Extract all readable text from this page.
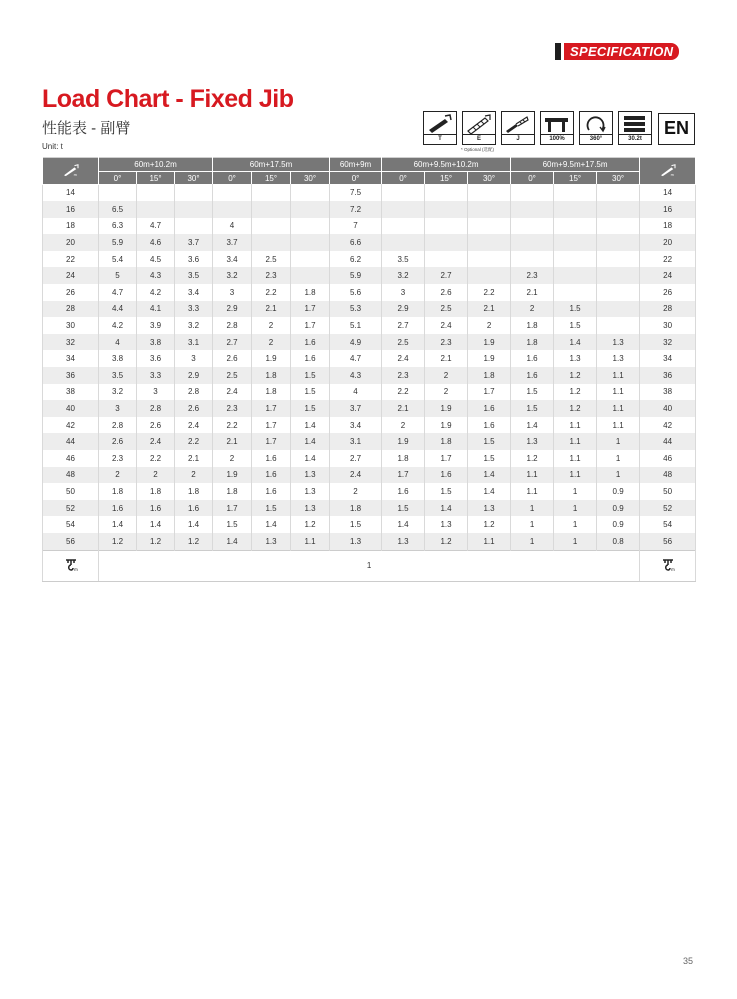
SPECIFICATION
Load Chart - Fixed Jib
性能表 - 副臂
Unit: t
T	E	J	100%	360°	30.2t
* Optional (选配)
EN
m	60m+10.2m			60m+17.5m			60m+9m	60m+9.5m+10.2m			60m+9.5m+17.5m			m

	0°	15°	30°	0°	15°	30°	0°	0°	15°	30°	0°	15°	30°	
14							7.5							14
16	6.5						7.2							16
18	6.3	4.7		4			7							18
20	5.9	4.6	3.7	3.7			6.6							20
22	5.4	4.5	3.6	3.4	2.5		6.2	3.5						22
24	5	4.3	3.5	3.2	2.3		5.9	3.2	2.7		2.3			24
26	4.7	4.2	3.4	3	2.2	1.8	5.6	3	2.6	2.2	2.1			26
28	4.4	4.1	3.3	2.9	2.1	1.7	5.3	2.9	2.5	2.1	2	1.5		28
30	4.2	3.9	3.2	2.8	2	1.7	5.1	2.7	2.4	2	1.8	1.5		30
32	4	3.8	3.1	2.7	2	1.6	4.9	2.5	2.3	1.9	1.8	1.4	1.3	32
34	3.8	3.6	3	2.6	1.9	1.6	4.7	2.4	2.1	1.9	1.6	1.3	1.3	34
36	3.5	3.3	2.9	2.5	1.8	1.5	4.3	2.3	2	1.8	1.6	1.2	1.1	36
38	3.2	3	2.8	2.4	1.8	1.5	4	2.2	2	1.7	1.5	1.2	1.1	38
40	3	2.8	2.6	2.3	1.7	1.5	3.7	2.1	1.9	1.6	1.5	1.2	1.1	40
42	2.8	2.6	2.4	2.2	1.7	1.4	3.4	2	1.9	1.6	1.4	1.1	1.1	42
44	2.6	2.4	2.2	2.1	1.7	1.4	3.1	1.9	1.8	1.5	1.3	1.1	1	44
46	2.3	2.2	2.1	2	1.6	1.4	2.7	1.8	1.7	1.5	1.2	1.1	1	46
48	2	2	2	1.9	1.6	1.3	2.4	1.7	1.6	1.4	1.1	1.1	1	48
50	1.8	1.8	1.8	1.8	1.6	1.3	2	1.6	1.5	1.4	1.1	1	0.9	50
52	1.6	1.6	1.6	1.7	1.5	1.3	1.8	1.5	1.4	1.3	1	1	0.9	52
54	1.4	1.4	1.4	1.5	1.4	1.2	1.5	1.4	1.3	1.2	1	1	0.9	54
56	1.2	1.2	1.2	1.4	1.3	1.1	1.3	1.3	1.2	1.1	1	1	0.8	56

m	1													m
35
